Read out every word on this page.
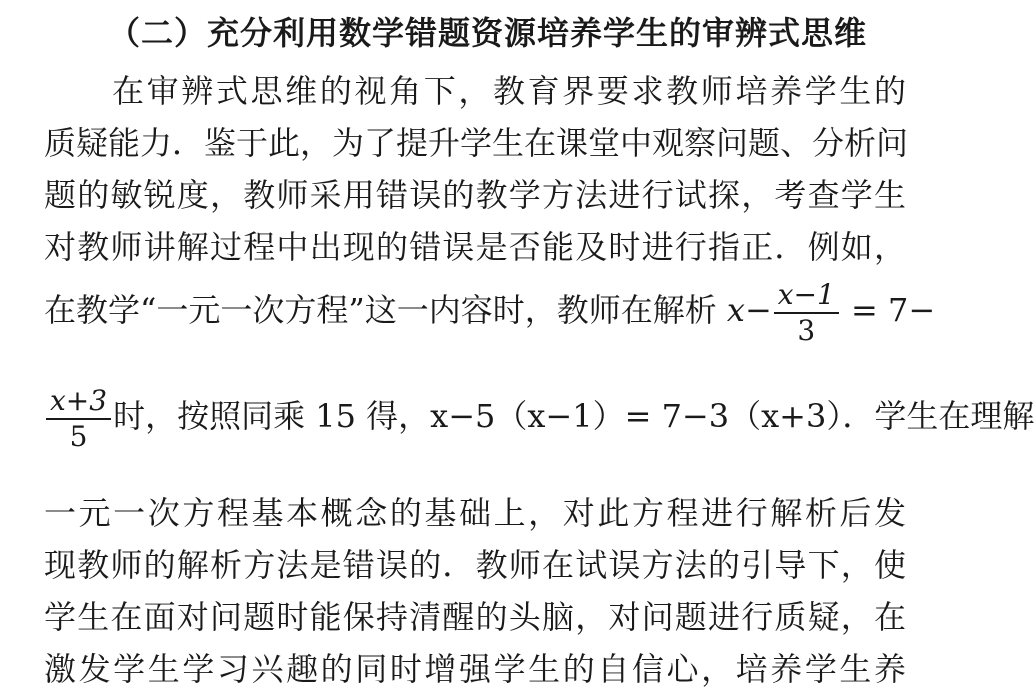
（二）充分利用数学错题资源培养学生的审辨式思维
在审辨式思维的视角下，教育界要求教师培养学生的
质疑能力．鉴于此，为了提升学生在课堂中观察问题、分析问
题的敏锐度，教师采用错误的教学方法进行试探，考查学生
对教师讲解过程中出现的错误是否能及时进行指正．例如，
在教学“一元一次方程”这一内容时，教师在解析 $x- \frac{x-1}{3} = 7-$
$\frac{x+3}{5}$ 时，按照同乘 15 得，x−5（x−1）= 7−3（x+3）．学生在理解
一元一次方程基本概念的基础上，对此方程进行解析后发
现教师的解析方法是错误的．教师在试误方法的引导下，使
学生在面对问题时能保持清醒的头脑，对问题进行质疑，在
激发学生学习兴趣的同时增强学生的自信心，培养学生养
